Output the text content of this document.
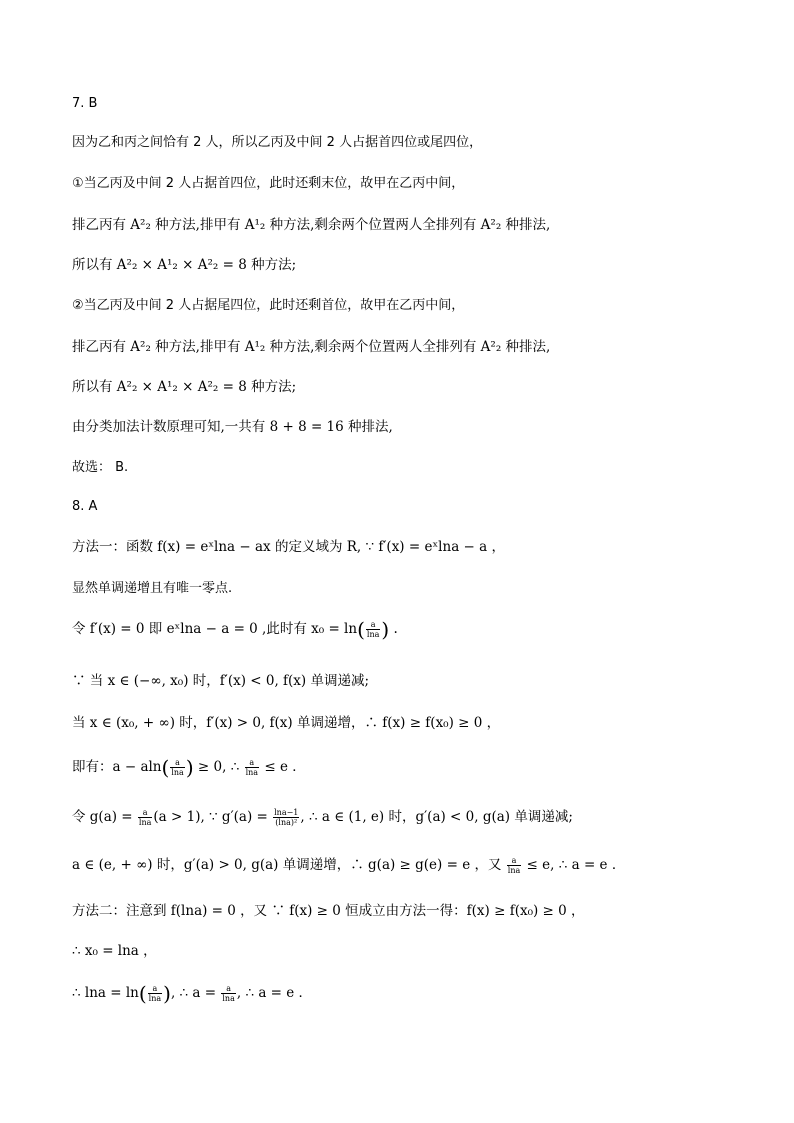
7. B
因为乙和丙之间恰有 2 人，所以乙丙及中间 2 人占据首四位或尾四位，
①当乙丙及中间 2 人占据首四位，此时还剩末位，故甲在乙丙中间，
排乙丙有 A²₂ 种方法,排甲有 A¹₂ 种方法,剩余两个位置两人全排列有 A²₂ 种排法,
所以有 A²₂ × A¹₂ × A²₂ = 8 种方法;
②当乙丙及中间 2 人占据尾四位，此时还剩首位，故甲在乙丙中间，
排乙丙有 A²₂ 种方法,排甲有 A¹₂ 种方法,剩余两个位置两人全排列有 A²₂ 种排法,
所以有 A²₂ × A¹₂ × A²₂ = 8 种方法;
由分类加法计数原理可知,一共有 8 + 8 = 16 种排法,
故选： B.
8. A
方法一：函数 f(x) = eˣlna − ax 的定义域为 R, ∵ f′(x) = eˣlna − a ，
显然单调递增且有唯一零点.
令 f′(x) = 0 即 eˣlna − a = 0 ,此时有 $x_0 = \ln( \frac{a}{\ln a}$ ) .
∵ 当 x ∈ (−∞, x₀) 时，f′(x) < 0, f(x) 单调递减;
当 x ∈ (x₀, + ∞) 时，f′(x) > 0, f(x) 单调递增，∴ f(x) ≥ f(x₀) ≥ 0 ，
即有：$a - aln( \frac{a}{\ln a}$ ) ≥ 0, ∴ $\frac{a}{\ln a} \le e$ ．
令 $g(a) = \frac{a}{\ln a} (a > 1)$, ∵ $g'(a) = \frac{\ln a-1}{\text{(lna)²}}$ , ∴ a ∈ (1, e) 时，g′(a) < 0, g(a) 单调递减;
a ∈ (e, + ∞) 时，g′(a) > 0, g(a) 单调递增，∴ g(a) ≥ g(e) = e ，又 $\frac{a}{\ln a} \le e$, ∴ a = e ．
方法二：注意到 f(lna) = 0 ，又 ∵ f(x) ≥ 0 恒成立由方法一得：f(x) ≥ f(x₀) ≥ 0 ，
∴ x₀ = lna ，
∴ $\ln a = \ln( \frac{a}{\ln a}$ ), ∴ $a = \frac{a}{\ln a}$ , ∴ a = e ．
